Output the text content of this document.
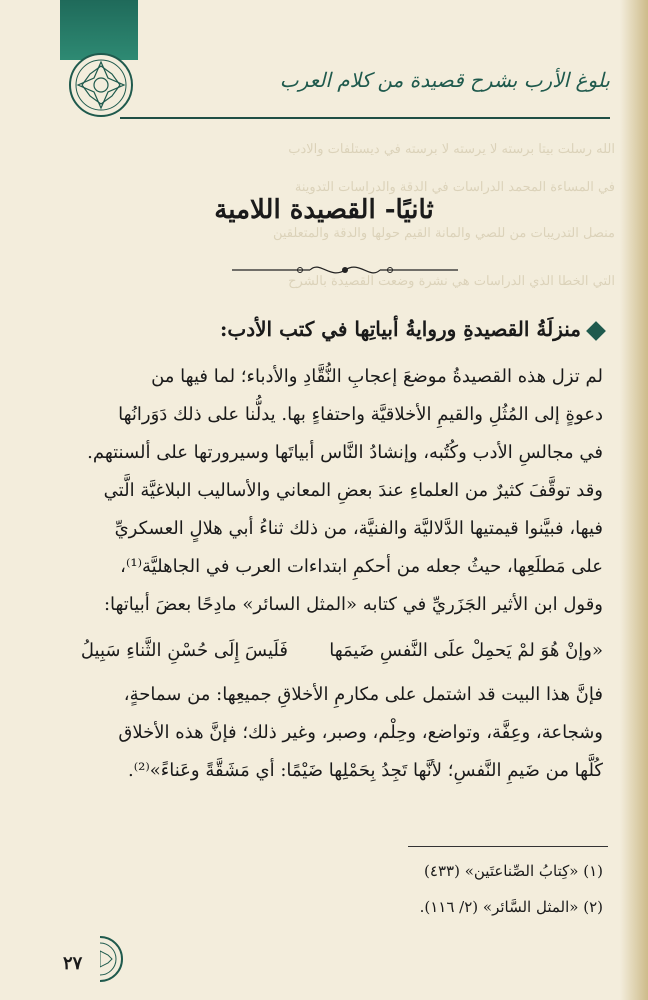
بلوغ الأرب بشرح قصيدة من كلام العرب
الله رسلت بيتا برسته لا يرسته لا برسته في ديستلفات والادب
في المساءة المحمد الدراسات في الدقة والدراسات التدوينة
منصل التدريبات من للصي والمانة القيم حولها والدقة والمتعلقين
التي الخطا الذي الدراسات هي نشرة وضعت القصيدة بالشرح
ثانيًا- القصيدة اللامية
منزلَةُ القصيدةِ وروايةُ أبياتِها في كتب الأدب:
لم تزل هذه القصيدةُ موضعَ إعجابِ النُّقَّادِ والأدباء؛ لما فيها من
دعوةٍ إلى المُثُلِ والقيمِ الأخلاقيَّة واحتفاءٍ بها. يدلُّنا على ذلك دَوَرانُها
في مجالسِ الأدب وكُتُبه، وإنشادُ النَّاس أبياتَها وسيرورتها على ألسنتهم.
وقد توقَّفَ كثيرٌ من العلماءِ عندَ بعضِ المعاني والأساليب البلاغيَّة الَّتي
فيها، فبيَّنوا قيمتيها الدَّلاليَّة والفنيَّة، من ذلك ثناءُ أبي هلالٍ العسكريِّ
على مَطلَعِها، حيثُ جعله من أحكمِ ابتداءات العرب في الجاهليَّة⁽¹⁾،
وقول ابن الأثير الجَزَريِّ في كتابه «المثل السائر» مادِحًا بعضَ أبياتها:
«وإنْ هُوَ لمْ يَحمِلْ علَى النَّفسِ ضَيمَها
فَلَيسَ إِلَى حُسْنِ الثَّناءِ سَبِيلُ
فإنَّ هذا البيت قد اشتمل على مكارمِ الأخلاقِ جميعِها: من سماحةٍ،
وشجاعة، وعِفَّة، وتواضع، وحِلْم، وصبر، وغير ذلك؛ فإنَّ هذه الأخلاق
كُلَّها من ضَيمِ النَّفسِ؛ لأنَّها تَجِدُ بِحَمْلِها ضَيْمًا: أي مَشَقَّةً وعَناءً»⁽²⁾.
(١) «كِتابُ الصِّناعتَين» (٤٣٣)
(٢) «المثل السَّائر» (٢/ ١١٦).
٢٧
